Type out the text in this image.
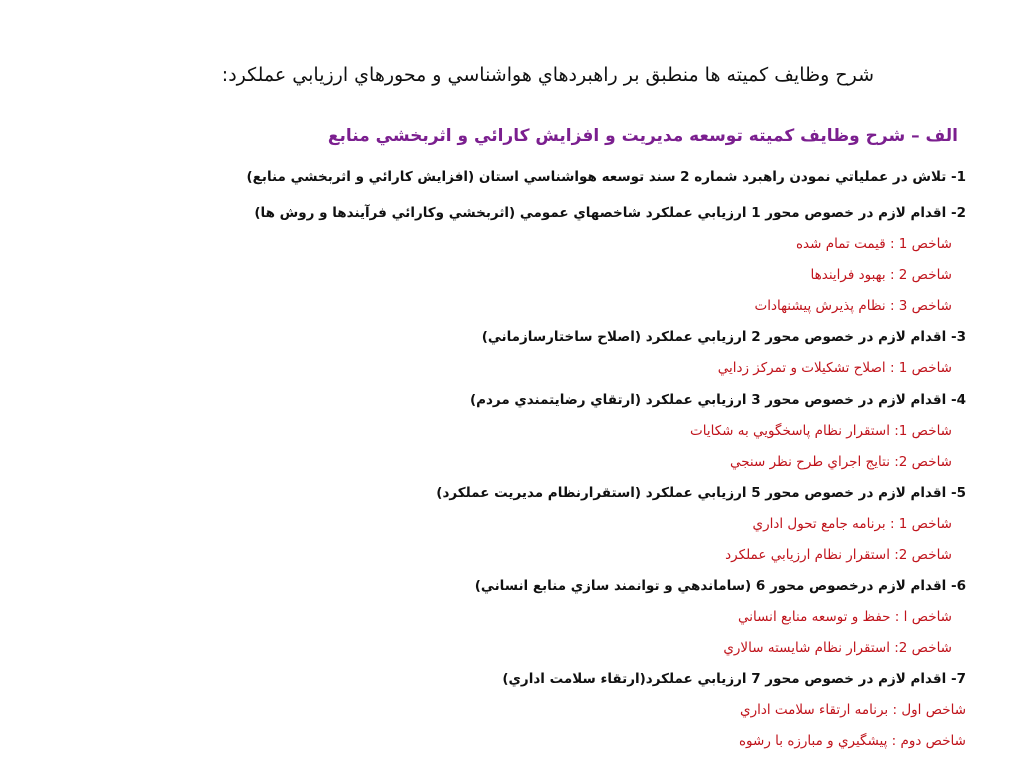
شرح وظايف كميته ها منطبق بر راهبردهاي هواشناسي و محورهاي ارزيابي عملكرد:
الف – شرح وظايف كميته توسعه مديريت و افزايش كارائي و اثربخشي منابع
1- تلاش در عملياتي نمودن راهبرد شماره 2 سند توسعه هواشناسي استان (افزايش كارائي و اثربخشي منابع)
2- اقدام لازم در خصوص محور 1 ارزيابي عملكرد شاخصهاي عمومي (اثربخشي وكارائي فرآيندها و روش ها)
شاخص 1 : قيمت تمام شده
شاخص 2 : بهبود فرايندها
شاخص 3 : نظام پذيرش پيشنهادات
3- اقدام لازم در خصوص محور 2 ارزيابي عملكرد (اصلاح ساختارسازماني)
شاخص 1 : اصلاح تشكيلات و تمركز زدايي
4- اقدام لازم در خصوص محور 3 ارزيابي عملكرد (ارتقاي رضايتمندي مردم)
شاخص 1: استقرار نظام پاسخگويي به شكايات
شاخص 2: نتايج اجراي طرح نظر سنجي
5- اقدام لازم در خصوص محور 5 ارزيابي عملكرد (استقرارنظام مديريت عملكرد)
شاخص 1 : برنامه جامع تحول اداري
شاخص 2: استقرار نظام ارزيابي عملكرد
6- اقدام لازم درخصوص محور 6 (ساماندهي و توانمند سازي منابع انساني)
شاخص ا : حفظ و توسعه منابع انساني
شاخص 2: استقرار نظام شايسته سالاري
7- اقدام لازم در خصوص محور 7 ارزيابي عملكرد(ارتقاء سلامت اداري)
شاخص اول : برنامه ارتقاء سلامت اداري
شاخص دوم : پيشگيري و مبارزه با رشوه
